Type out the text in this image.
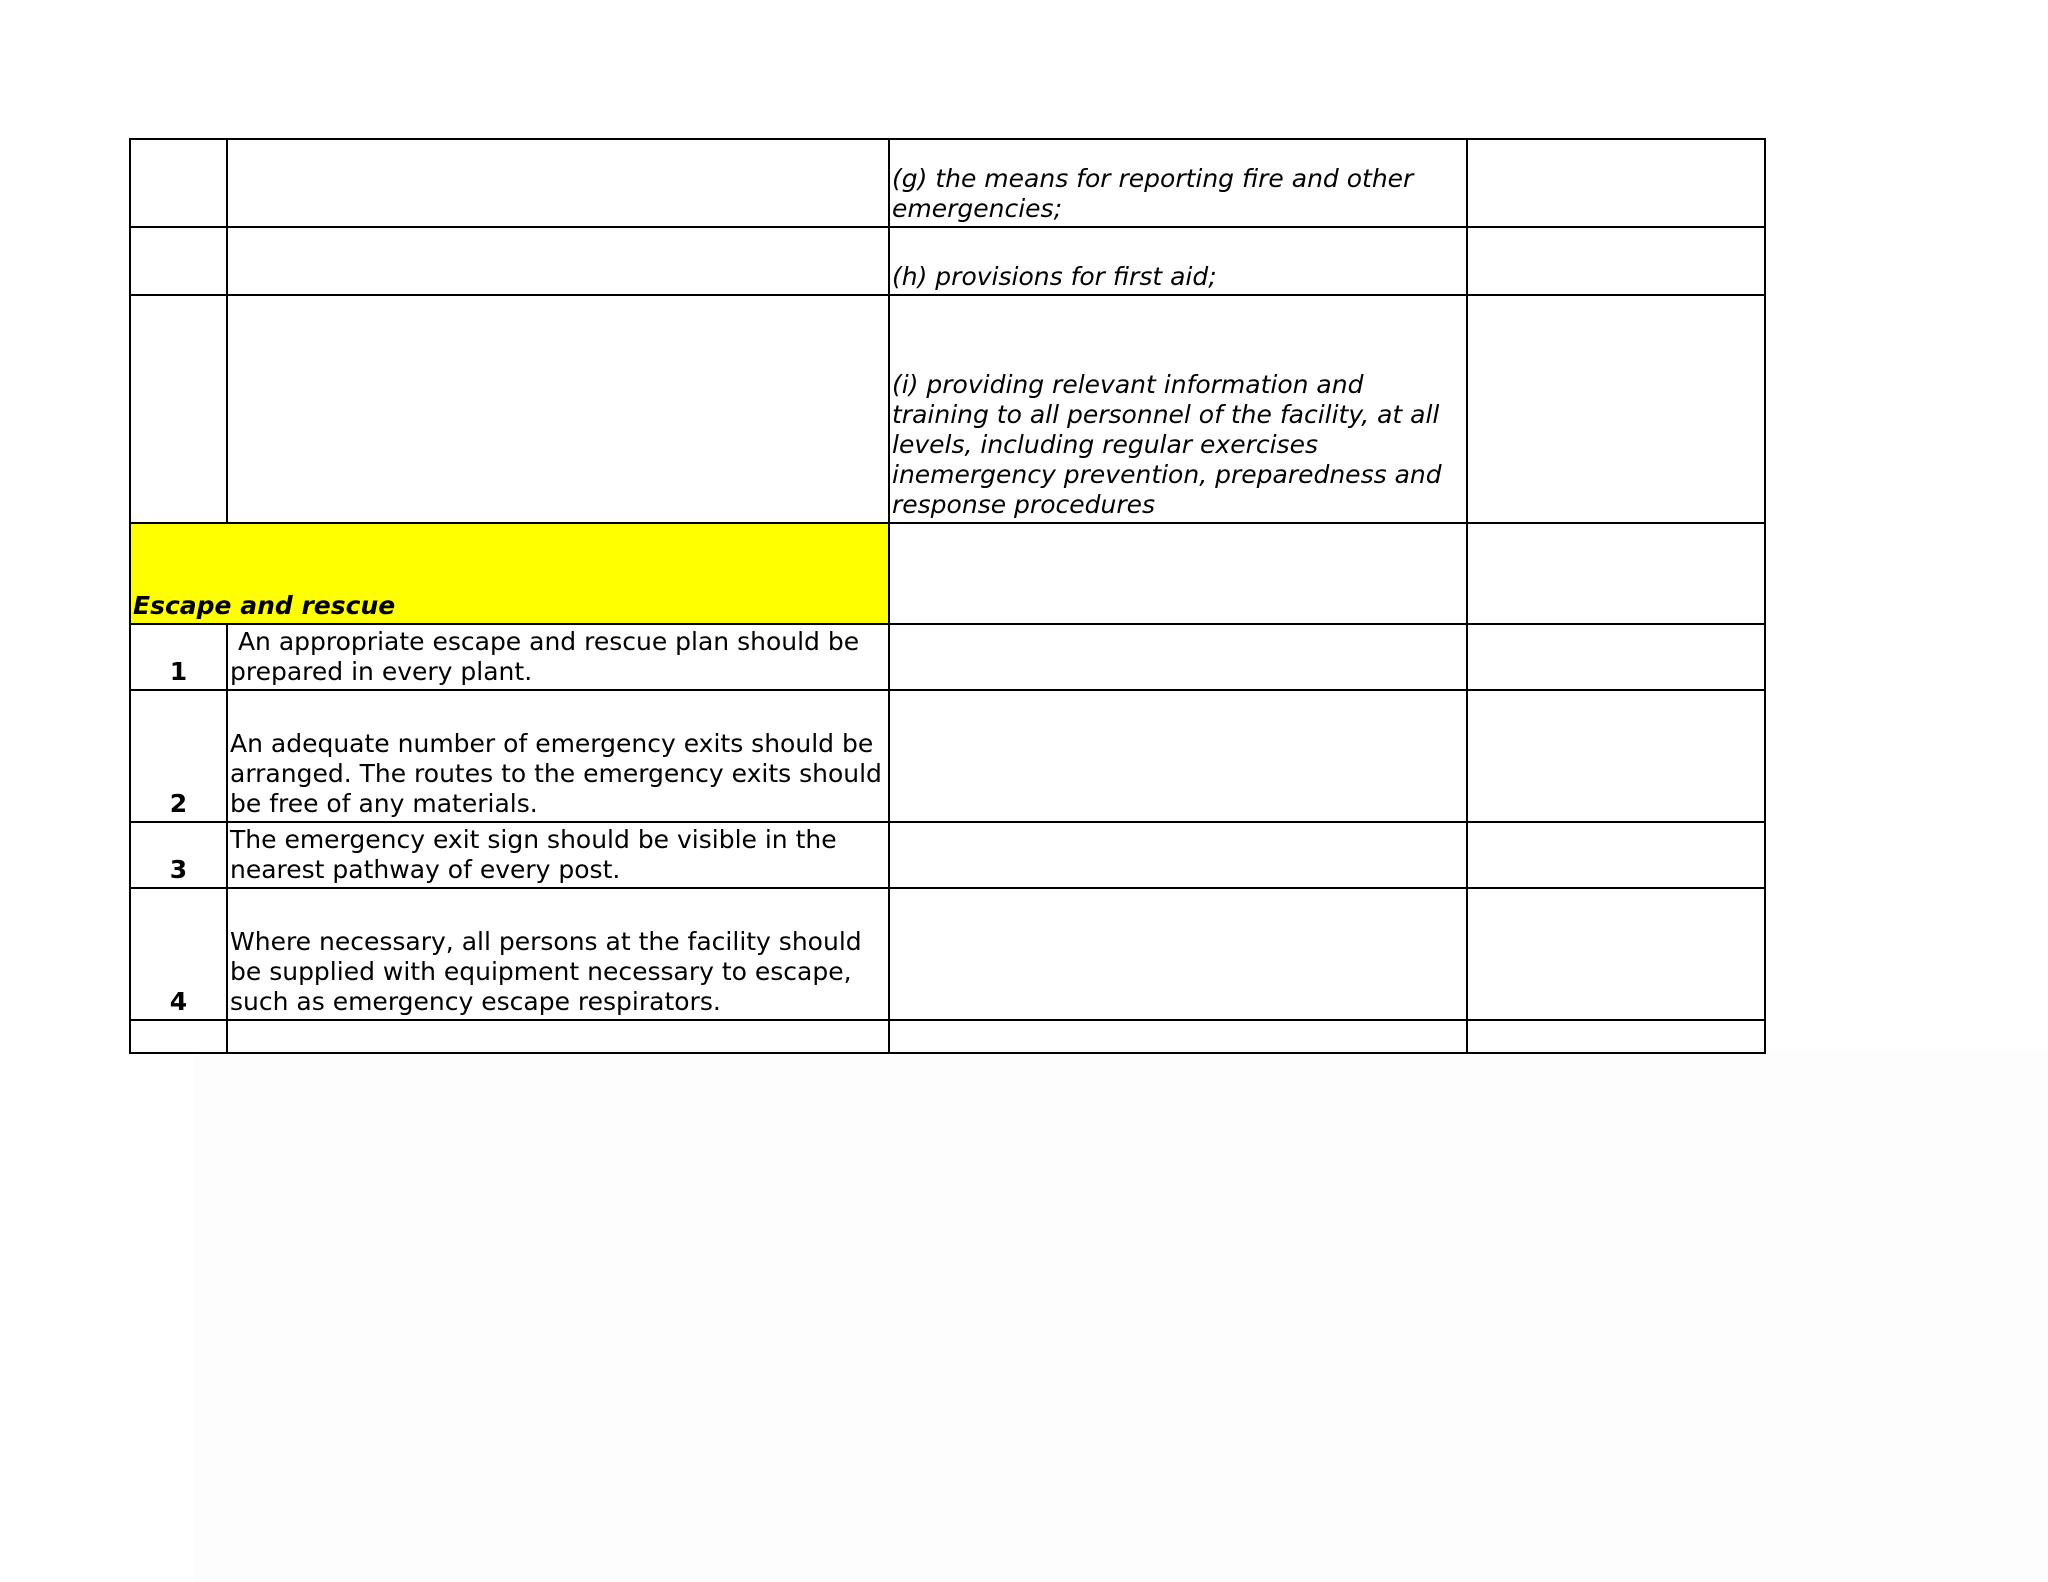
		(g) the means for reporting fire and other emergencies;	
		(h) provisions for first aid;	
		(i) providing relevant information and training to all personnel of the facility, at all levels, including regular exercises inemergency prevention, preparedness and response procedures	
Escape and rescue			
1	An appropriate escape and rescue plan should be prepared in every plant.		
2	An adequate number of emergency exits should be arranged. The routes to the emergency exits should be free of any materials.		
3	The emergency exit sign should be visible in the nearest pathway of every post.		
4	Where necessary, all persons at the facility should be supplied with equipment necessary to escape, such as emergency escape respirators.		
